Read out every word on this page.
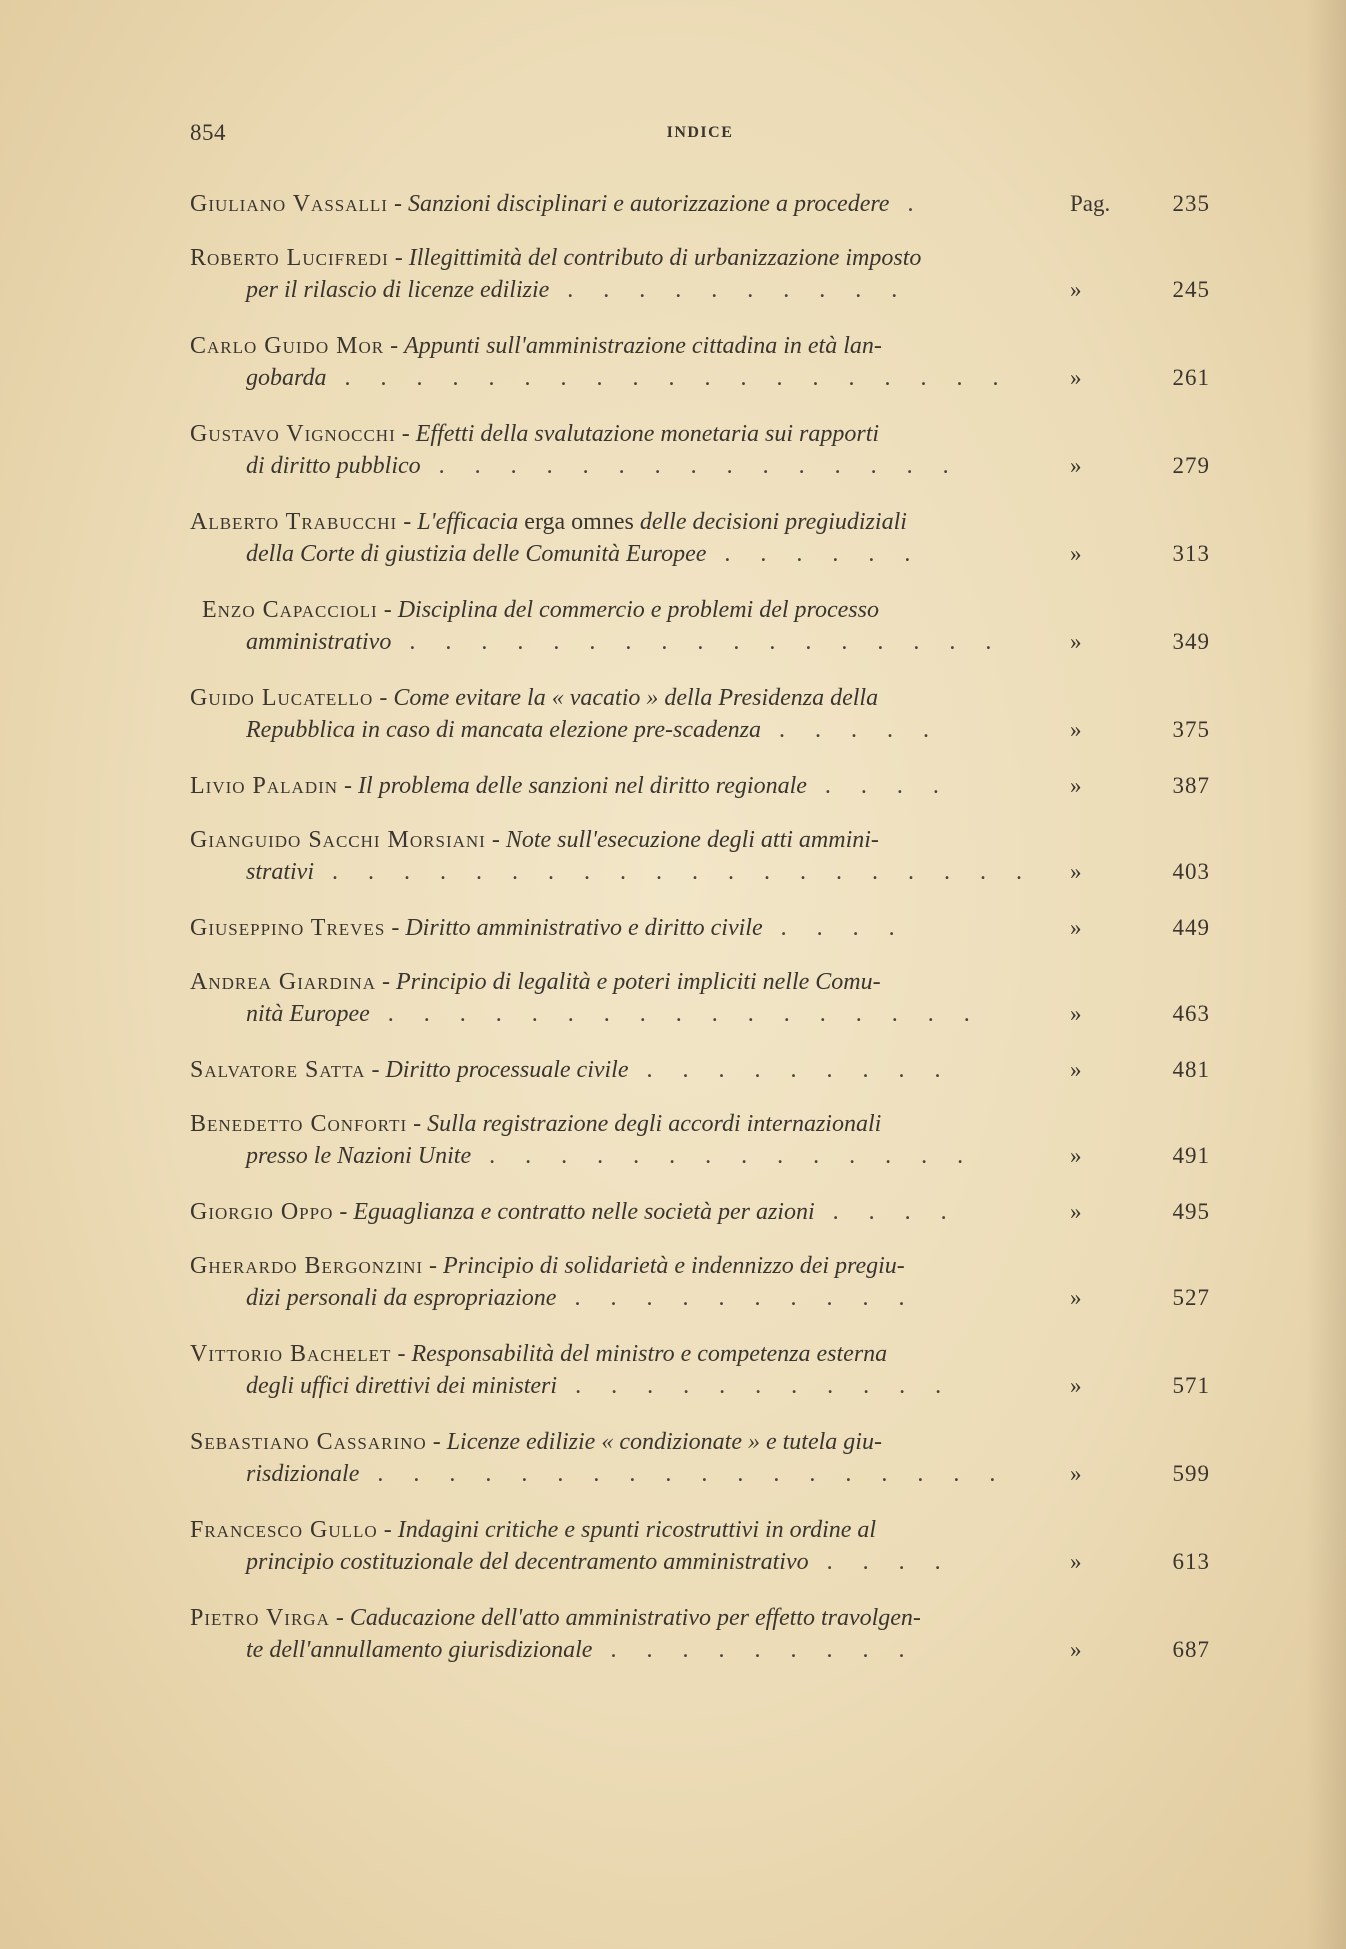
854	INDICE
Giuliano Vassalli - Sanzioni disciplinari e autorizzazione a procedere .	Pag.	235
Roberto Lucifredi - Illegittimità del contributo di urbanizzazione imposto
per il rilascio di licenze edilizie . . . . . . . . . .	»	245
Carlo Guido Mor - Appunti sull'amministrazione cittadina in età lan-
gobarda . . . . . . . . . . . . . . . . . . .	»	261
Gustavo Vignocchi - Effetti della svalutazione monetaria sui rapporti
di diritto pubblico . . . . . . . . . . . . . . .	»	279
Alberto Trabucchi - L'efficacia erga omnes delle decisioni pregiudiziali
della Corte di giustizia delle Comunità Europee . . . . . .	»	313
Enzo Capaccioli - Disciplina del commercio e problemi del processo
amministrativo . . . . . . . . . . . . . . . . .	»	349
Guido Lucatello - Come evitare la « vacatio » della Presidenza della
Repubblica in caso di mancata elezione pre-scadenza . . . . .	»	375
Livio Paladin - Il problema delle sanzioni nel diritto regionale . . . .	»	387
Gianguido Sacchi Morsiani - Note sull'esecuzione degli atti ammini-
strativi . . . . . . . . . . . . . . . . . . . .	»	403
Giuseppino Treves - Diritto amministrativo e diritto civile . . . .	»	449
Andrea Giardina - Principio di legalità e poteri impliciti nelle Comu-
nità Europee . . . . . . . . . . . . . . . . .	»	463
Salvatore Satta - Diritto processuale civile . . . . . . . . .	»	481
Benedetto Conforti - Sulla registrazione degli accordi internazionali
presso le Nazioni Unite . . . . . . . . . . . . . .	»	491
Giorgio Oppo - Eguaglianza e contratto nelle società per azioni . . . .	»	495
Gherardo Bergonzini - Principio di solidarietà e indennizzo dei pregiu-
dizi personali da espropriazione . . . . . . . . . .	»	527
Vittorio Bachelet - Responsabilità del ministro e competenza esterna
degli uffici direttivi dei ministeri . . . . . . . . . . .	»	571
Sebastiano Cassarino - Licenze edilizie « condizionate » e tutela giu-
risdizionale . . . . . . . . . . . . . . . . . .	»	599
Francesco Gullo - Indagini critiche e spunti ricostruttivi in ordine al
principio costituzionale del decentramento amministrativo . . . .	»	613
Pietro Virga - Caducazione dell'atto amministrativo per effetto travolgen-
te dell'annullamento giurisdizionale . . . . . . . . .	»	687
